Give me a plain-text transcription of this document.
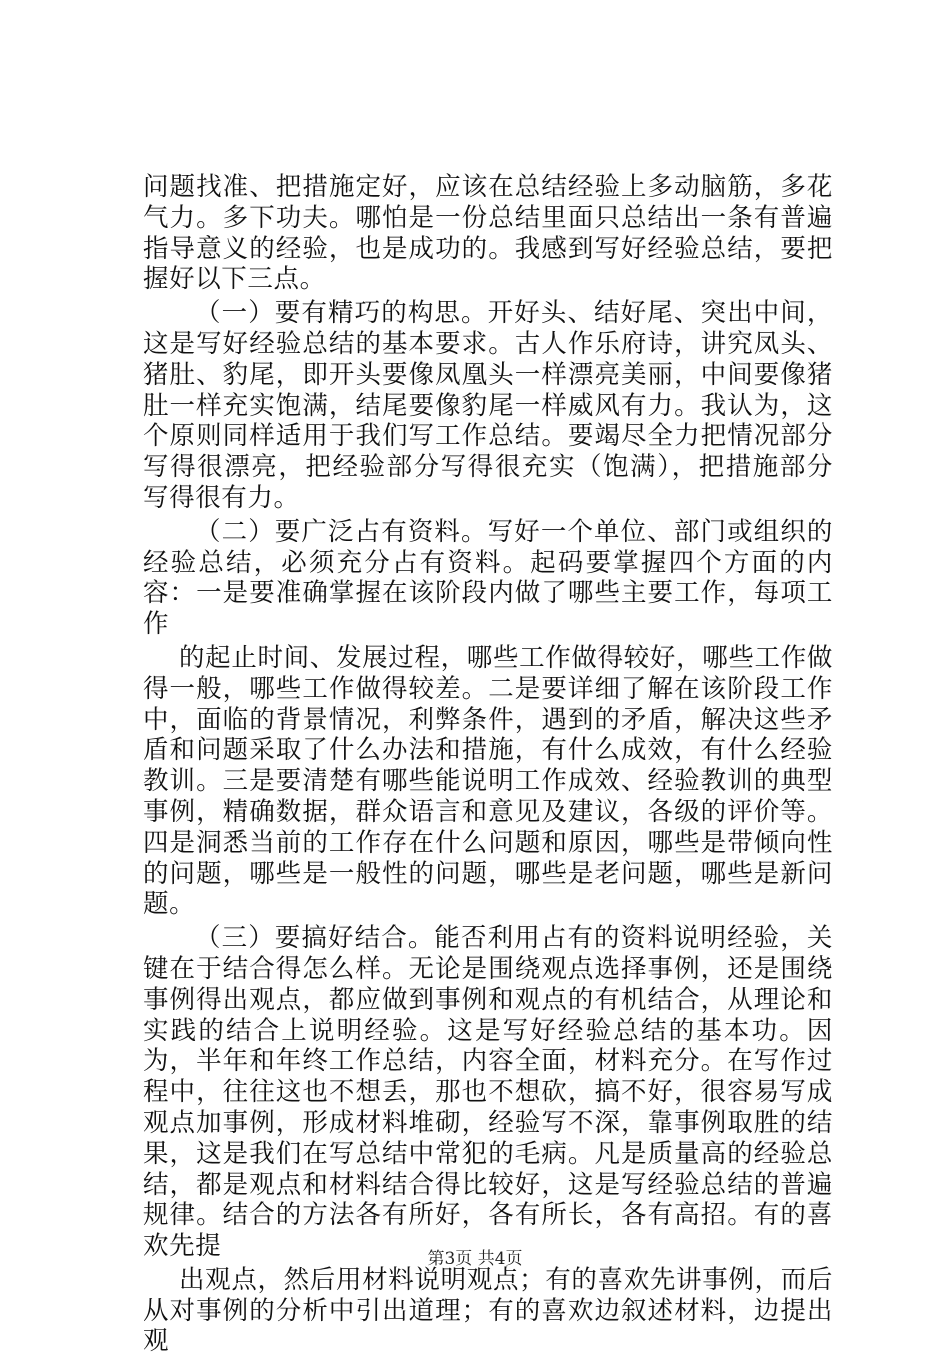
问题找准、把措施定好，应该在总结经验上多动脑筋，多花气力。多下功夫。哪怕是一份总结里面只总结出一条有普遍指导意义的经验，也是成功的。我感到写好经验总结，要把握好以下三点。

（一）要有精巧的构思。开好头、结好尾、突出中间，这是写好经验总结的基本要求。古人作乐府诗，讲究凤头、猪肚、豹尾，即开头要像凤凰头一样漂亮美丽，中间要像猪肚一样充实饱满，结尾要像豹尾一样威风有力。我认为，这个原则同样适用于我们写工作总结。要竭尽全力把情况部分写得很漂亮，把经验部分写得很充实（饱满），把措施部分写得很有力。

（二）要广泛占有资料。写好一个单位、部门或组织的经验总结，必须充分占有资料。起码要掌握四个方面的内容：一是要准确掌握在该阶段内做了哪些主要工作，每项工作

的起止时间、发展过程，哪些工作做得较好，哪些工作做得一般，哪些工作做得较差。二是要详细了解在该阶段工作中，面临的背景情况，利弊条件，遇到的矛盾，解决这些矛盾和问题采取了什么办法和措施，有什么成效，有什么经验教训。三是要清楚有哪些能说明工作成效、经验教训的典型事例，精确数据，群众语言和意见及建议，各级的评价等。四是洞悉当前的工作存在什么问题和原因，哪些是带倾向性的问题，哪些是一般性的问题，哪些是老问题，哪些是新问题。

（三）要搞好结合。能否利用占有的资料说明经验，关键在于结合得怎么样。无论是围绕观点选择事例，还是围绕事例得出观点，都应做到事例和观点的有机结合，从理论和实践的结合上说明经验。这是写好经验总结的基本功。因为，半年和年终工作总结，内容全面，材料充分。在写作过程中，往往这也不想丢，那也不想砍，搞不好，很容易写成观点加事例，形成材料堆砌，经验写不深，靠事例取胜的结果，这是我们在写总结中常犯的毛病。凡是质量高的经验总结，都是观点和材料结合得比较好，这是写经验总结的普遍规律。结合的方法各有所好，各有所长，各有高招。有的喜欢先提

出观点，然后用材料说明观点；有的喜欢先讲事例，而后从对事例的分析中引出道理；有的喜欢边叙述材料，边提出观

第3页 共4页
